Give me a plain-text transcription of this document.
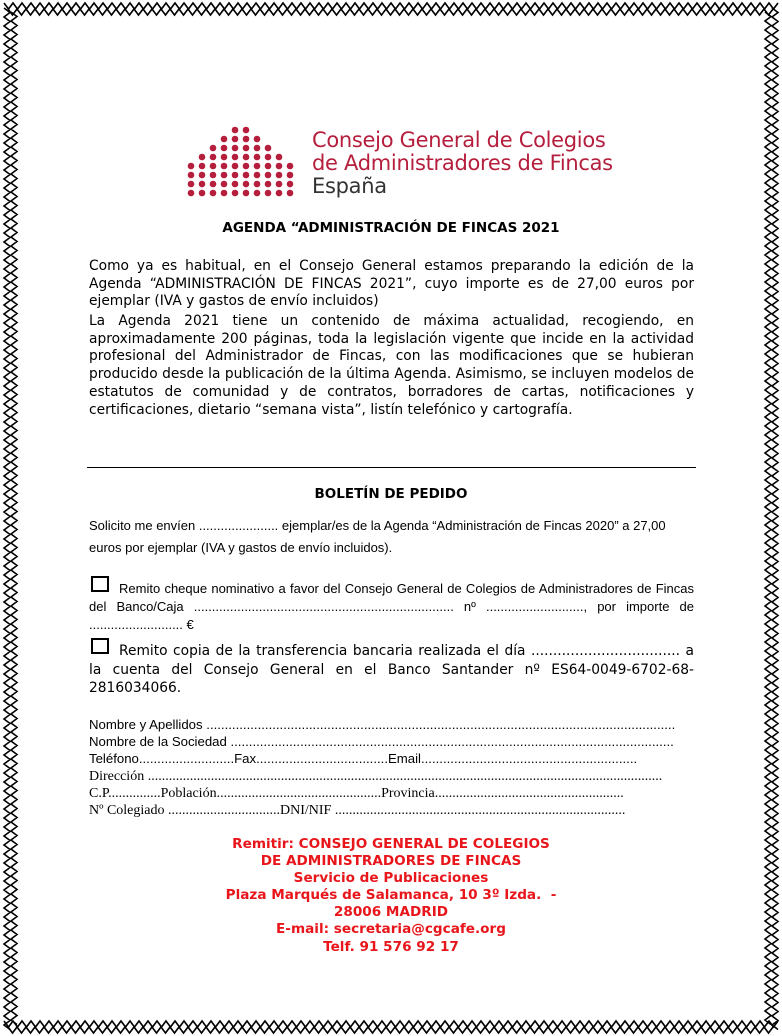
Consejo General de Colegios
de Administradores de Fincas
España
AGENDA “ADMINISTRACIÓN DE FINCAS 2021

Como ya es habitual, en el Consejo General estamos preparando la edición de la Agenda “ADMINISTRACIÓN DE FINCAS 2021”, cuyo importe es de 27,00 euros por ejemplar (IVA y gastos de envío incluidos)

La Agenda 2021 tiene un contenido de máxima actualidad, recogiendo, en aproximadamente 200 páginas, toda la legislación vigente que incide en la actividad profesional del Administrador de Fincas, con las modificaciones que se hubieran producido desde la publicación de la última Agenda. Asimismo, se incluyen modelos de estatutos de comunidad y de contratos, borradores de cartas, notificaciones y certificaciones, dietario “semana vista”, listín telefónico y cartografía.

BOLETÍN DE PEDIDO

Solicito me envíen ...................... ejemplar/es de la Agenda “Administración de Fincas 2020” a 27,00 euros por ejemplar (IVA y gastos de envío incluidos).

Remito cheque nominativo a favor del Consejo General de Colegios de Administradores de Fincas del Banco/Caja ........................................................................ nº ..........................., por importe de .......................... €

Remito copia de la transferencia bancaria realizada el día .................................. a la cuenta del Consejo General en el Banco Santander nº ES64-0049-6702-68-2816034066.

Nombre y Apellidos ................................................................................................................................
Nombre de la Sociedad .........................................................................................................................
Teléfono..........................Fax....................................Email...........................................................
Dirección ...................................................................................................................................................
C.P...............Población...............................................Provincia......................................................
Nº Colegiado ................................DNI/NIF ...................................................................................
Remitir: CONSEJO GENERAL DE COLEGIOS
DE ADMINISTRADORES DE FINCAS
Servicio de Publicaciones
Plaza Marqués de Salamanca, 10 3º Izda.  -
28006 MADRID
E-mail: secretaria@cgcafe.org
Telf. 91 576 92 17
